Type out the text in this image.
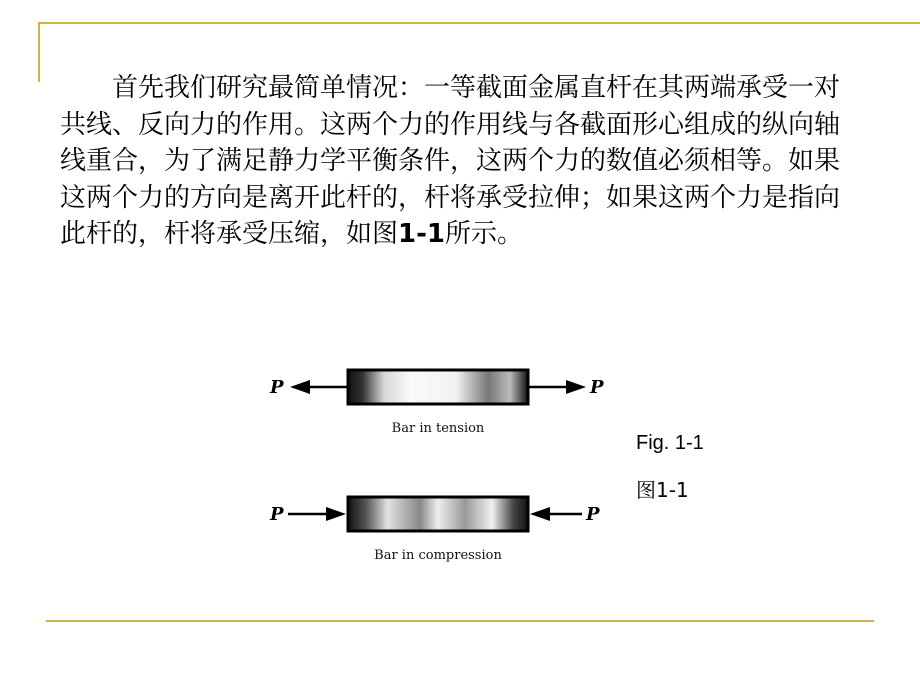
首先我们研究最简单情况：一等截面金属直杆在其两端承受一对共线、反向力的作用。这两个力的作用线与各截面形心组成的纵向轴线重合，为了满足静力学平衡条件，这两个力的数值必须相等。如果这两个力的方向是离开此杆的，杆将承受拉伸；如果这两个力是指向此杆的，杆将承受压缩，如图1-1所示。

P	P
Bar in tension
P	P
Bar in compression
Fig. 1-1
图1-1
